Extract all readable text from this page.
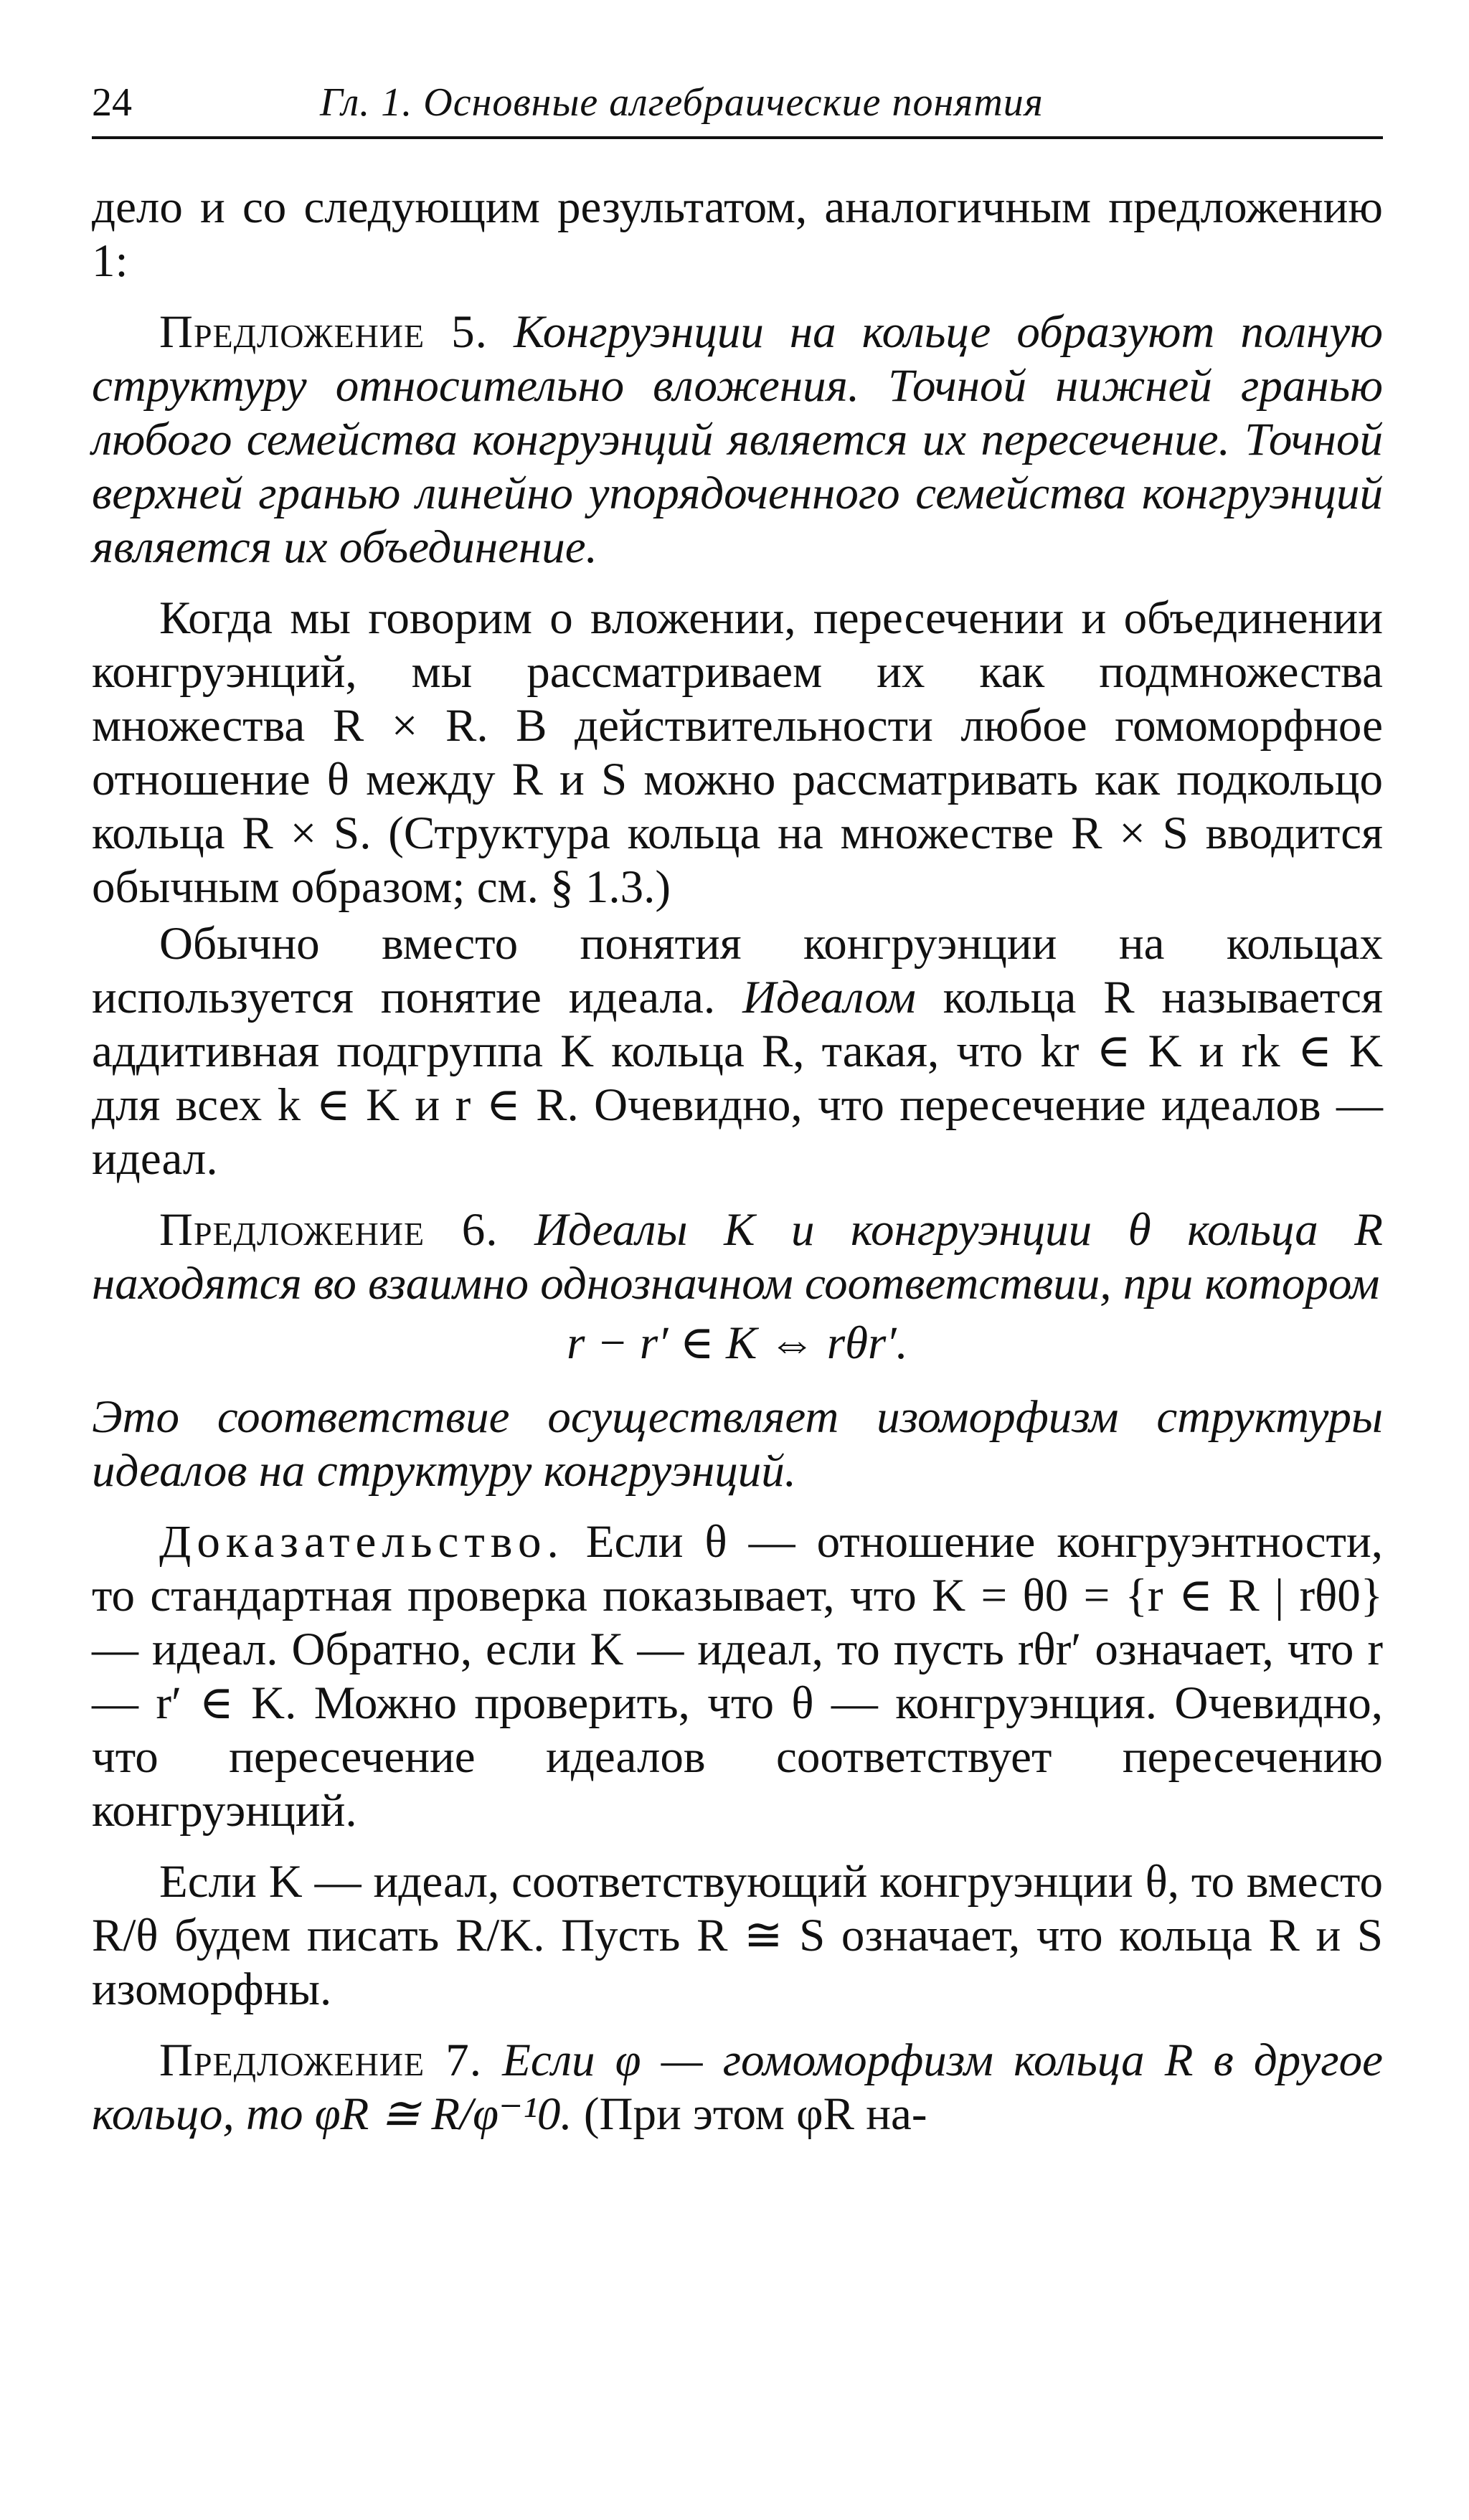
24	Гл. 1. Основные алгебраические понятия

дело и со следующим результатом, аналогичным предложению 1:

Предложение 5. Конгруэнции на кольце образуют полную структуру относительно вложения. Точной нижней гранью любого семейства конгруэнций является их пересечение. Точной верхней гранью линейно упорядоченного семейства конгруэнций является их объединение.

Когда мы говорим о вложении, пересечении и объединении конгруэнций, мы рассматриваем их как подмножества множества R × R. В действительности любое гомоморфное отношение θ между R и S можно рассматривать как подкольцо кольца R × S. (Структура кольца на множестве R × S вводится обычным образом; см. § 1.3.)

Обычно вместо понятия конгруэнции на кольцах используется понятие идеала. Идеалом кольца R называется аддитивная подгруппа K кольца R, такая, что kr ∈ K и rk ∈ K для всех k ∈ K и r ∈ R. Очевидно, что пересечение идеалов — идеал.

Предложение 6. Идеалы K и конгруэнции θ кольца R находятся во взаимно однозначном соответствии, при котором

r − r′ ∈ K ⇔ rθr′.

Это соответствие осуществляет изоморфизм структуры идеалов на структуру конгруэнций.

Доказательство. Если θ — отношение конгруэнтности, то стандартная проверка показывает, что K = θ0 = {r ∈ R | rθ0} — идеал. Обратно, если K — идеал, то пусть rθr′ означает, что r — r′ ∈ K. Можно проверить, что θ — конгруэнция. Очевидно, что пересечение идеалов соответствует пересечению конгруэнций.

Если K — идеал, соответствующий конгруэнции θ, то вместо R/θ будем писать R/K. Пусть R ≅ S означает, что кольца R и S изоморфны.

Предложение 7. Если φ — гомоморфизм кольца R в другое кольцо, то φR ≅ R/φ⁻¹0. (При этом φR на-
